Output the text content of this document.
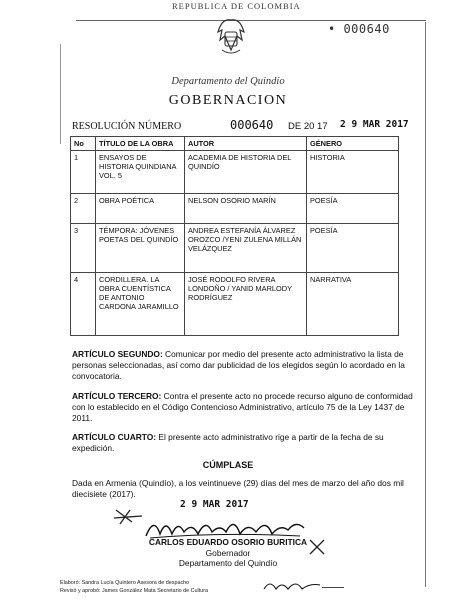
REPUBLICA DE COLOMBIA
• 000640
Departamento del Quindío
GOBERNACION
RESOLUCIÓN NÚMERO	000640 DE 20 17 2 9 MAR 2017
No	TÍTULO DE LA OBRA	AUTOR	GÉNERO
1	ENSAYOS DE HISTORIA QUINDIANA VOL. 5	ACADEMIA DE HISTORIA DEL QUINDÍO	HISTORIA
2	OBRA POÉTICA	NELSON OSORIO MARÍN	POESÍA
3	TÉMPORA: JÓVENES POETAS DEL QUINDÍO	ANDREA ESTEFANÍA ÁLVAREZ OROZCO /YENI ZULENA MILLÁN VELÁZQUEZ	POESÍA
4	CORDILLERA. LA OBRA CUENTÍSTICA DE ANTONIO CARDONA JARAMILLO	JOSÉ RODOLFO RIVERA LONDOÑO / YANID MARLODY RODRÍGUEZ	NARRATIVA
ARTÍCULO SEGUNDO: Comunicar por medio del presente acto administrativo la lista de personas seleccionadas, así como dar publicidad de los elegidos según lo acordado en la convocatoria.
ARTÍCULO TERCERO: Contra el presente acto no procede recurso alguno de conformidad con lo establecido en el Código Contencioso Administrativo, artículo 75 de la Ley 1437 de 2011.
ARTÍCULO CUARTO: El presente acto administrativo rige a partir de la fecha de su expedición.
CÚMPLASE
Dada en Armenia (Quindío), a los veintinueve (29) días del mes de marzo del año dos mil diecisiete (2017).
2 9 MAR 2017
CARLOS EDUARDO OSORIO BURITICA
Gobernador
Departamento del Quindío
Elaboró: Sandra Lucía Quintero Asesora de despacho
Revisó y aprobó: James González Mata Secretario de Cultura
